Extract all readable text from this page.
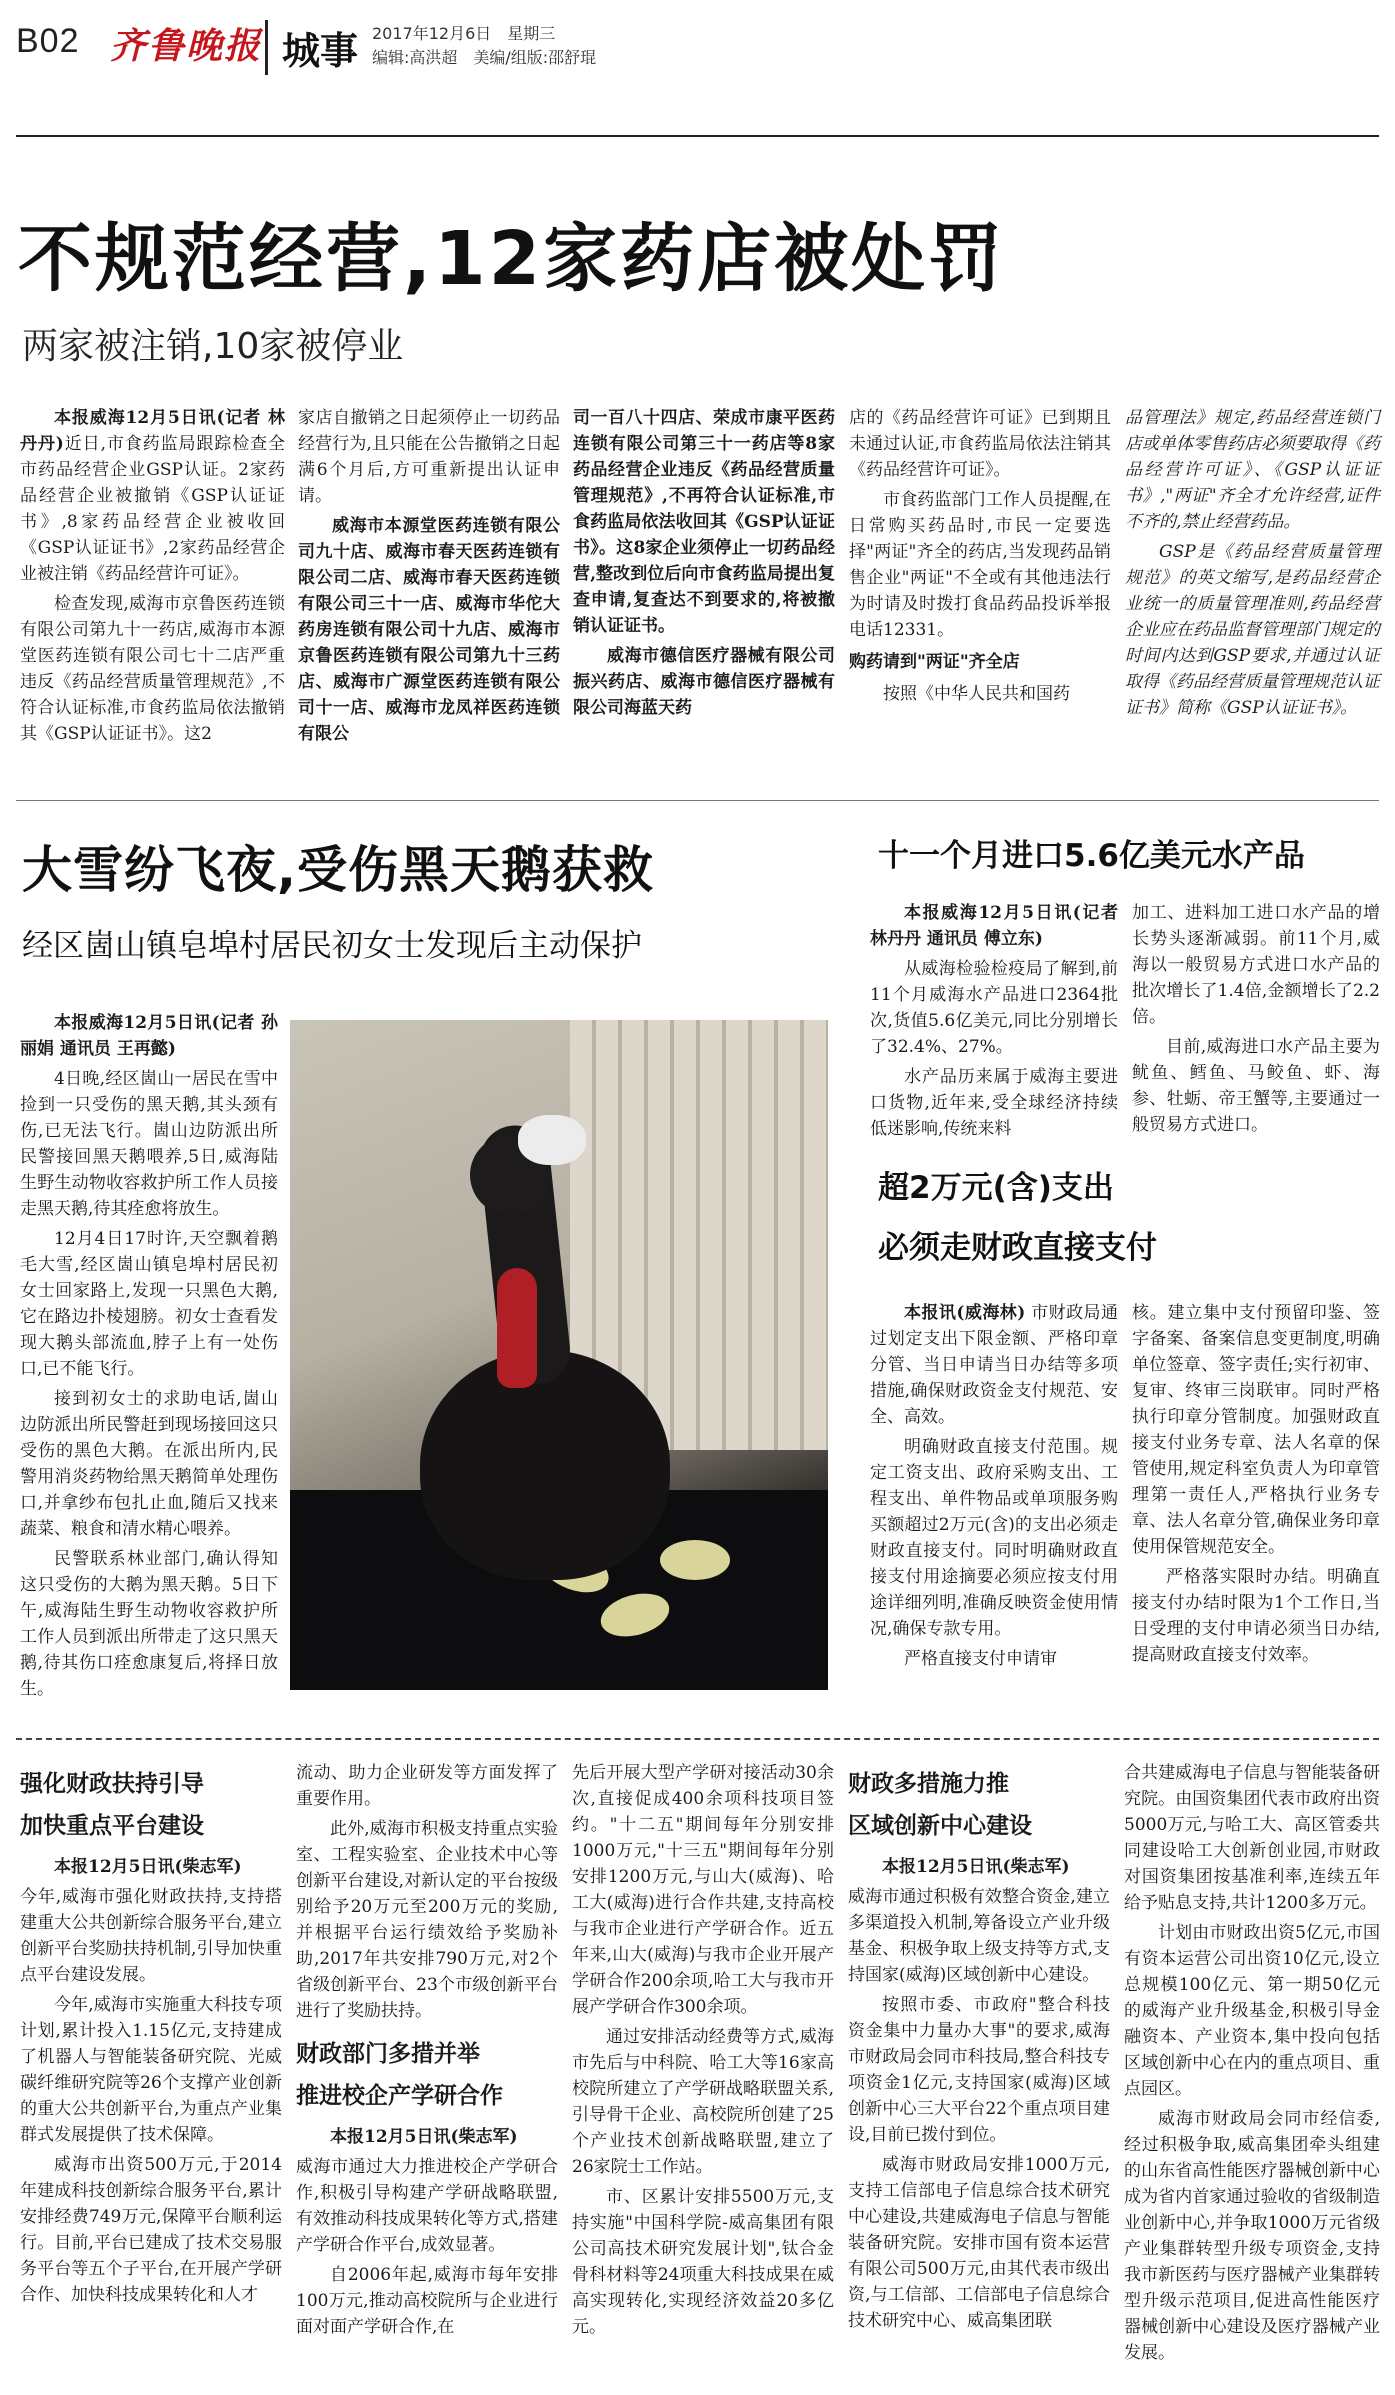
B02 齐鲁晚报 城事 2017年12月6日　星期三
编辑:高洪超　美编/组版:邵舒琨
不规范经营,12家药店被处罚
两家被注销,10家被停业

本报威海12月5日讯(记者 林丹丹)近日,市食药监局跟踪检查全市药品经营企业GSP认证。2家药品经营企业被撤销《GSP认证证书》,8家药品经营企业被收回《GSP认证证书》,2家药品经营企业被注销《药品经营许可证》。

检查发现,威海市京鲁医药连锁有限公司第九十一药店,威海市本源堂医药连锁有限公司七十二店严重违反《药品经营质量管理规范》,不符合认证标准,市食药监局依法撤销其《GSP认证证书》。这2

家店自撤销之日起须停止一切药品经营行为,且只能在公告撤销之日起满6个月后,方可重新提出认证申请。

威海市本源堂医药连锁有限公司九十店、威海市春天医药连锁有限公司二店、威海市春天医药连锁有限公司三十一店、威海市华佗大药房连锁有限公司十九店、威海市京鲁医药连锁有限公司第九十三药店、威海市广源堂医药连锁有限公司十一店、威海市龙凤祥医药连锁有限公

司一百八十四店、荣成市康平医药连锁有限公司第三十一药店等8家药品经营企业违反《药品经营质量管理规范》,不再符合认证标准,市食药监局依法收回其《GSP认证证书》。这8家企业须停止一切药品经营,整改到位后向市食药监局提出复查申请,复查达不到要求的,将被撤销认证证书。

威海市德信医疗器械有限公司振兴药店、威海市德信医疗器械有限公司海蓝天药

店的《药品经营许可证》已到期且未通过认证,市食药监局依法注销其《药品经营许可证》。

市食药监部门工作人员提醒,在日常购买药品时,市民一定要选择"两证"齐全的药店,当发现药品销售企业"两证"不全或有其他违法行为时请及时拨打食品药品投诉举报电话12331。

购药请到"两证"齐全店

按照《中华人民共和国药

品管理法》规定,药品经营连锁门店或单体零售药店必须要取得《药品经营许可证》、《GSP认证证书》,"两证"齐全才允许经营,证件不齐的,禁止经营药品。

GSP是《药品经营质量管理规范》的英文缩写,是药品经营企业统一的质量管理准则,药品经营企业应在药品监督管理部门规定的时间内达到GSP要求,并通过认证取得《药品经营质量管理规范认证证书》简称《GSP认证证书》。

大雪纷飞夜,受伤黑天鹅获救
经区崮山镇皂埠村居民初女士发现后主动保护

本报威海12月5日讯(记者 孙丽娟 通讯员 王再懿)

4日晚,经区崮山一居民在雪中捡到一只受伤的黑天鹅,其头颈有伤,已无法飞行。崮山边防派出所民警接回黑天鹅喂养,5日,威海陆生野生动物收容救护所工作人员接走黑天鹅,待其痊愈将放生。

12月4日17时许,天空飘着鹅毛大雪,经区崮山镇皂埠村居民初女士回家路上,发现一只黑色大鹅,它在路边扑棱翅膀。初女士查看发现大鹅头部流血,脖子上有一处伤口,已不能飞行。

接到初女士的求助电话,崮山边防派出所民警赶到现场接回这只受伤的黑色大鹅。在派出所内,民警用消炎药物给黑天鹅简单处理伤口,并拿纱布包扎止血,随后又找来蔬菜、粮食和清水精心喂养。

民警联系林业部门,确认得知这只受伤的大鹅为黑天鹅。5日下午,威海陆生野生动物收容救护所工作人员到派出所带走了这只黑天鹅,待其伤口痊愈康复后,将择日放生。

十一个月进口5.6亿美元水产品

本报威海12月5日讯(记者 林丹丹 通讯员 傅立东)

从威海检验检疫局了解到,前11个月威海水产品进口2364批次,货值5.6亿美元,同比分别增长了32.4%、27%。

水产品历来属于威海主要进口货物,近年来,受全球经济持续低迷影响,传统来料

加工、进料加工进口水产品的增长势头逐渐减弱。前11个月,威海以一般贸易方式进口水产品的批次增长了1.4倍,金额增长了2.2倍。

目前,威海进口水产品主要为鱿鱼、鳕鱼、马鲛鱼、虾、海参、牡蛎、帝王蟹等,主要通过一般贸易方式进口。

超2万元(含)支出
必须走财政直接支付

本报讯(威海林) 市财政局通过划定支出下限金额、严格印章分管、当日申请当日办结等多项措施,确保财政资金支付规范、安全、高效。

明确财政直接支付范围。规定工资支出、政府采购支出、工程支出、单件物品或单项服务购买额超过2万元(含)的支出必须走财政直接支付。同时明确财政直接支付用途摘要必须应按支付用途详细列明,准确反映资金使用情况,确保专款专用。

严格直接支付申请审

核。建立集中支付预留印鉴、签字备案、备案信息变更制度,明确单位签章、签字责任;实行初审、复审、终审三岗联审。同时严格执行印章分管制度。加强财政直接支付业务专章、法人名章的保管使用,规定科室负责人为印章管理第一责任人,严格执行业务专章、法人名章分管,确保业务印章使用保管规范安全。

严格落实限时办结。明确直接支付办结时限为1个工作日,当日受理的支付申请必须当日办结,提高财政直接支付效率。

强化财政扶持引导

加快重点平台建设

本报12月5日讯(柴志军)

今年,威海市强化财政扶持,支持搭建重大公共创新综合服务平台,建立创新平台奖励扶持机制,引导加快重点平台建设发展。

今年,威海市实施重大科技专项计划,累计投入1.15亿元,支持建成了机器人与智能装备研究院、光威碳纤维研究院等26个支撑产业创新的重大公共创新平台,为重点产业集群式发展提供了技术保障。

威海市出资500万元,于2014年建成科技创新综合服务平台,累计安排经费749万元,保障平台顺利运行。目前,平台已建成了技术交易服务平台等五个子平台,在开展产学研合作、加快科技成果转化和人才

流动、助力企业研发等方面发挥了重要作用。

此外,威海市积极支持重点实验室、工程实验室、企业技术中心等创新平台建设,对新认定的平台按级别给予20万元至200万元的奖励,并根据平台运行绩效给予奖励补助,2017年共安排790万元,对2个省级创新平台、23个市级创新平台进行了奖励扶持。

财政部门多措并举

推进校企产学研合作

本报12月5日讯(柴志军)

威海市通过大力推进校企产学研合作,积极引导构建产学研战略联盟,有效推动科技成果转化等方式,搭建产学研合作平台,成效显著。

自2006年起,威海市每年安排100万元,推动高校院所与企业进行面对面产学研合作,在

先后开展大型产学研对接活动30余次,直接促成400余项科技项目签约。"十二五"期间每年分别安排1000万元,"十三五"期间每年分别安排1200万元,与山大(威海)、哈工大(威海)进行合作共建,支持高校与我市企业进行产学研合作。近五年来,山大(威海)与我市企业开展产学研合作200余项,哈工大与我市开展产学研合作300余项。

通过安排活动经费等方式,威海市先后与中科院、哈工大等16家高校院所建立了产学研战略联盟关系,引导骨干企业、高校院所创建了25个产业技术创新战略联盟,建立了26家院士工作站。

市、区累计安排5500万元,支持实施"中国科学院-威高集团有限公司高技术研究发展计划",钛合金骨科材料等24项重大科技成果在威高实现转化,实现经济效益20多亿元。

财政多措施力推

区域创新中心建设

本报12月5日讯(柴志军)

威海市通过积极有效整合资金,建立多渠道投入机制,筹备设立产业升级基金、积极争取上级支持等方式,支持国家(威海)区域创新中心建设。

按照市委、市政府"整合科技资金集中力量办大事"的要求,威海市财政局会同市科技局,整合科技专项资金1亿元,支持国家(威海)区域创新中心三大平台22个重点项目建设,目前已拨付到位。

威海市财政局安排1000万元,支持工信部电子信息综合技术研究中心建设,共建威海电子信息与智能装备研究院。安排市国有资本运营有限公司500万元,由其代表市级出资,与工信部、工信部电子信息综合技术研究中心、威高集团联

合共建威海电子信息与智能装备研究院。由国资集团代表市政府出资5000万元,与哈工大、高区管委共同建设哈工大创新创业园,市财政对国资集团按基准利率,连续五年给予贴息支持,共计1200多万元。

计划由市财政出资5亿元,市国有资本运营公司出资10亿元,设立总规模100亿元、第一期50亿元的威海产业升级基金,积极引导金融资本、产业资本,集中投向包括区域创新中心在内的重点项目、重点园区。

威海市财政局会同市经信委,经过积极争取,威高集团牵头组建的山东省高性能医疗器械创新中心成为省内首家通过验收的省级制造业创新中心,并争取1000万元省级产业集群转型升级专项资金,支持我市新医药与医疗器械产业集群转型升级示范项目,促进高性能医疗器械创新中心建设及医疗器械产业发展。
